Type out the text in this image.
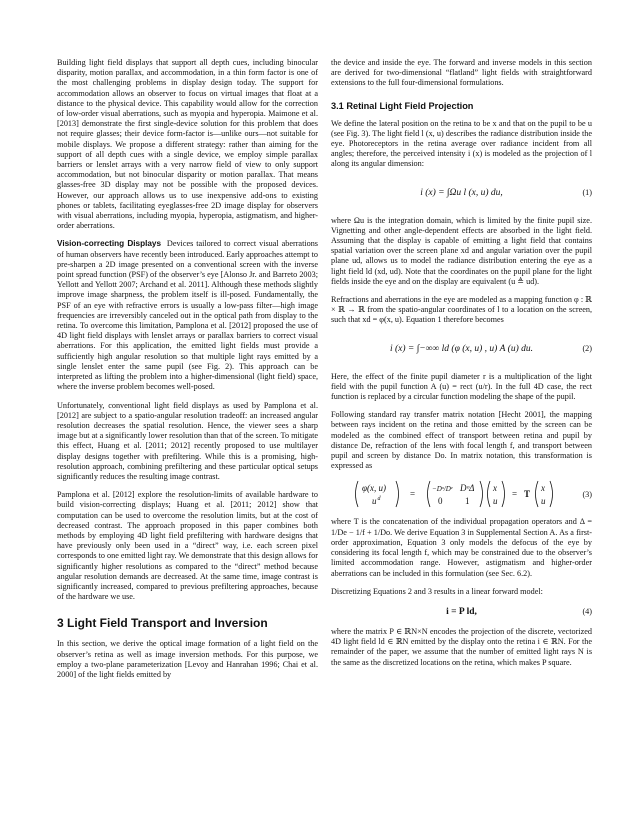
Building light field displays that support all depth cues, including binocular disparity, motion parallax, and accommodation, in a thin form factor is one of the most challenging problems in display design today. The support for accommodation allows an observer to focus on virtual images that float at a distance to the physical device. This capability would allow for the correction of low-order visual aberrations, such as myopia and hyperopia. Maimone et al. [2013] demonstrate the first single-device solution for this problem that does not require glasses; their device form-factor is—unlike ours—not suitable for mobile displays. We propose a different strategy: rather than aiming for the support of all depth cues with a single device, we employ simple parallax barriers or lenslet arrays with a very narrow field of view to only support accommodation, but not binocular disparity or motion parallax. That means glasses-free 3D display may not be possible with the proposed devices. However, our approach allows us to use inexpensive add-ons to existing phones or tablets, facilitating eyeglasses-free 2D image display for observers with visual aberrations, including myopia, hyperopia, astigmatism, and higher-order aberrations.

Vision-correcting Displays Devices tailored to correct visual aberrations of human observers have recently been introduced. Early approaches attempt to pre-sharpen a 2D image presented on a conventional screen with the inverse point spread function (PSF) of the observer’s eye [Alonso Jr. and Barreto 2003; Yellott and Yellott 2007; Archand et al. 2011]. Although these methods slightly improve image sharpness, the problem itself is ill-posed. Fundamentally, the PSF of an eye with refractive errors is usually a low-pass filter—high image frequencies are irreversibly canceled out in the optical path from display to the retina. To overcome this limitation, Pamplona et al. [2012] proposed the use of 4D light field displays with lenslet arrays or parallax barriers to correct visual aberrations. For this application, the emitted light fields must provide a sufficiently high angular resolution so that multiple light rays emitted by a single lenslet enter the same pupil (see Fig. 2). This approach can be interpreted as lifting the problem into a higher-dimensional (light field) space, where the inverse problem becomes well-posed.

Unfortunately, conventional light field displays as used by Pamplona et al. [2012] are subject to a spatio-angular resolution tradeoff: an increased angular resolution decreases the spatial resolution. Hence, the viewer sees a sharp image but at a significantly lower resolution than that of the screen. To mitigate this effect, Huang et al. [2011; 2012] recently proposed to use multilayer display designs together with prefiltering. While this is a promising, high-resolution approach, combining prefiltering and these particular optical setups significantly reduces the resulting image contrast.

Pamplona et al. [2012] explore the resolution-limits of available hardware to build vision-correcting displays; Huang et al. [2011; 2012] show that computation can be used to overcome the resolution limits, but at the cost of decreased contrast. The approach proposed in this paper combines both methods by employing 4D light field prefiltering with hardware designs that have previously only been used in a “direct” way, i.e. each screen pixel corresponds to one emitted light ray. We demonstrate that this design allows for significantly higher resolutions as compared to the “direct” method because angular resolution demands are decreased. At the same time, image contrast is significantly increased, compared to previous prefiltering approaches, because of the hardware we use.

3 Light Field Transport and Inversion

In this section, we derive the optical image formation of a light field on the observer’s retina as well as image inversion methods. For this purpose, we employ a two-plane parameterization [Levoy and Hanrahan 1996; Chai et al. 2000] of the light fields emitted by

the device and inside the eye. The forward and inverse models in this section are derived for two-dimensional “flatland” light fields with straightforward extensions to the full four-dimensional formulations.

3.1 Retinal Light Field Projection

We define the lateral position on the retina to be x and that on the pupil to be u (see Fig. 3). The light field l (x, u) describes the radiance distribution inside the eye. Photoreceptors in the retina average over radiance incident from all angles; therefore, the perceived intensity i (x) is modeled as the projection of l along its angular dimension:

i (x) = ∫Ωu l (x, u) du,	(1)

where Ωu is the integration domain, which is limited by the finite pupil size. Vignetting and other angle-dependent effects are absorbed in the light field. Assuming that the display is capable of emitting a light field that contains spatial variation over the screen plane xd and angular variation over the pupil plane ud, allows us to model the radiance distribution entering the eye as a light field ld (xd, ud). Note that the coordinates on the pupil plane for the light fields inside the eye and on the display are equivalent (u ≜ ud).

Refractions and aberrations in the eye are modeled as a mapping function φ : ℝ × ℝ → ℝ from the spatio-angular coordinates of l to a location on the screen, such that xd = φ(x, u). Equation 1 therefore becomes

i (x) = ∫−∞∞ ld (φ (x, u) , u) A (u) du.	(2)

Here, the effect of the finite pupil diameter r is a multiplication of the light field with the pupil function A (u) = rect (u/r). In the full 4D case, the rect function is replaced by a circular function modeling the shape of the pupil.

Following standard ray transfer matrix notation [Hecht 2001], the mapping between rays incident on the retina and those emitted by the screen can be modeled as the combined effect of transport between retina and pupil by distance De, refraction of the lens with focal length f, and transport between pupil and screen by distance Do. In matrix notation, this transformation is expressed as

φ(x, u)
u d	= −Dᵒ/Dᵉ DᵒΔ
0	1
x
u
= T
x
u
(3)

where T is the concatenation of the individual propagation operators and Δ = 1/De − 1/f + 1/Do. We derive Equation 3 in Supplemental Section A. As a first-order approximation, Equation 3 only models the defocus of the eye by considering its focal length f, which may be constrained due to the observer’s limited accommodation range. However, astigmatism and higher-order aberrations can be included in this formulation (see Sec. 6.2).

Discretizing Equations 2 and 3 results in a linear forward model:

i = P ld,	(4)

where the matrix P ∈ ℝN×N encodes the projection of the discrete, vectorized 4D light field ld ∈ ℝN emitted by the display onto the retina i ∈ ℝN. For the remainder of the paper, we assume that the number of emitted light rays N is the same as the discretized locations on the retina, which makes P square.
